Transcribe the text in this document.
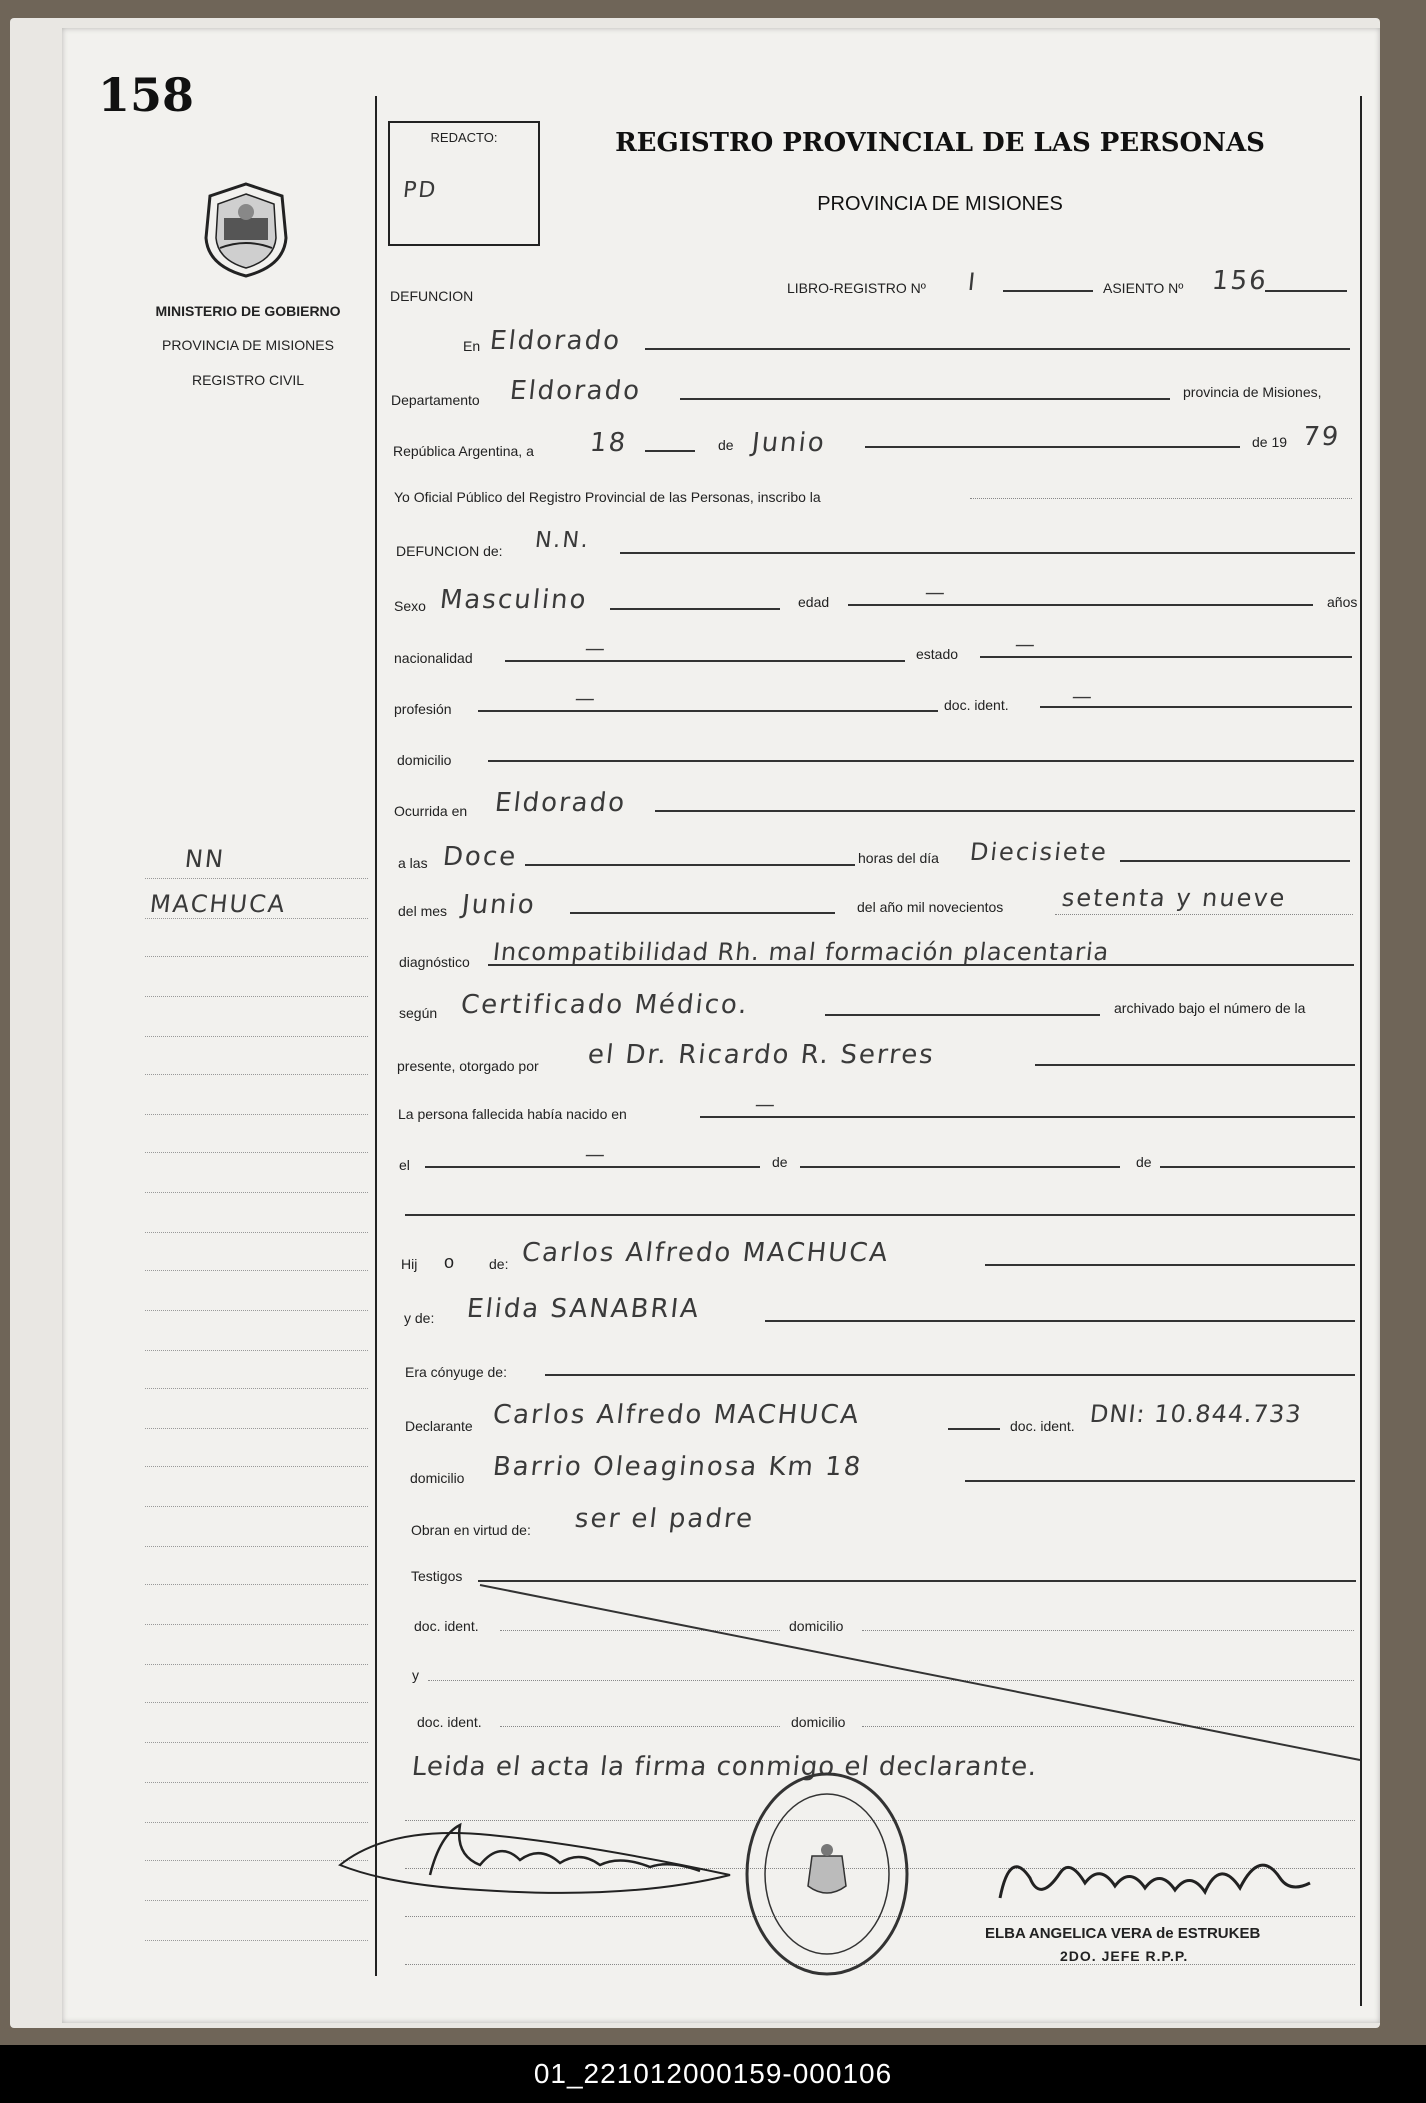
158
MINISTERIO DE GOBIERNO
PROVINCIA DE MISIONES
REGISTRO CIVIL
NN
MACHUCA
REDACTO:
PD
REGISTRO PROVINCIAL DE LAS PERSONAS
PROVINCIA DE MISIONES
DEFUNCION	LIBRO-REGISTRO Nº I	ASIENTO Nº 156
En Eldorado
Departamento Eldorado	provincia de Misiones,
República Argentina, a 18	de Junio	de 19 79
Yo Oficial Público del Registro Provincial de las Personas, inscribo la
DEFUNCION de: N.N.
Sexo Masculino	edad	—	años
nacionalidad	—	estado	—
profesión	—	doc. ident.	—
domicilio
Ocurrida en Eldorado
a las Doce	horas del día Diecisiete
del mes Junio	del año mil novecientos setenta y nueve
diagnóstico Incompatibilidad Rh. mal formación placentaria
según Certificado Médico.	archivado bajo el número de la
presente, otorgado por el Dr. Ricardo R. Serres
La persona fallecida había nacido en	—
el	—	de	de
Hij o de: Carlos Alfredo MACHUCA
y de: Elida SANABRIA
Era cónyuge de:
Declarante Carlos Alfredo MACHUCA	doc. ident. DNI: 10.844.733
domicilio Barrio Oleaginosa Km 18
Obran en virtud de: ser el padre
Testigos
doc. ident.	domicilio
y
doc. ident.	domicilio
Leida el acta la firma conmigo el declarante.
ELBA ANGELICA VERA de ESTRUKEB
2DO. JEFE R.P.P.
01_221012000159-000106
